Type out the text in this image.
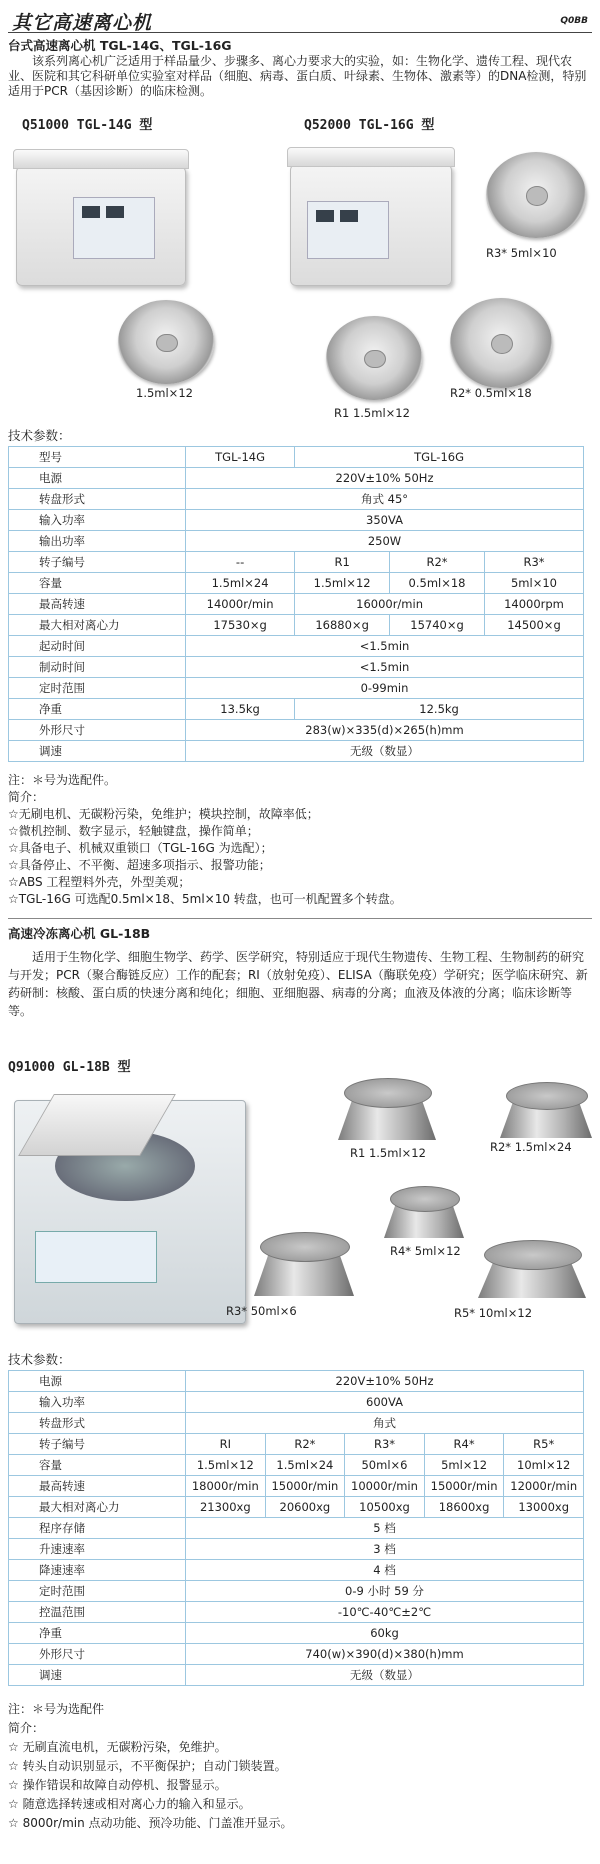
其它高速离心机	Q0BB
台式高速离心机 TGL-14G、TGL-16G

该系列离心机广泛适用于样品量少、步骤多、离心力要求大的实验，如：生物化学、遗传工程、现代农业、医院和其它科研单位实验室对样品（细胞、病毒、蛋白质、叶绿素、生物体、激素等）的DNA检测，特别适用于PCR（基因诊断）的临床检测。

Q51000 TGL-14G 型	Q52000 TGL-16G 型
1.5ml×12
R3* 5ml×10
R2* 0.5ml×18
R1 1.5ml×12
技术参数：
型号	TGL-14G	TGL-16G		
电源	220V±10% 50Hz			
转盘形式	角式 45°			
输入功率	350VA			
输出功率	250W			
转子编号	--	R1	R2*	R3*
容量	1.5ml×24	1.5ml×12	0.5ml×18	5ml×10
最高转速	14000r/min	16000r/min		14000rpm
最大相对离心力	17530×g	16880×g	15740×g	14500×g
起动时间	<1.5min			
制动时间	<1.5min			
定时范围	0-99min			
净重	13.5kg	12.5kg		
外形尺寸	283(w)×335(d)×265(h)mm			
调速	无级（数显）			

注：＊号为选配件。

简介：

☆无刷电机、无碳粉污染，免维护；模块控制，故障率低；

☆微机控制、数字显示，轻触键盘，操作简单；

☆具备电子、机械双重锁口（TGL-16G 为选配）；

☆具备停止、不平衡、超速多项指示、报警功能；

☆ABS 工程塑料外壳，外型美观；

☆TGL-16G 可选配0.5ml×18、5ml×10 转盘，也可一机配置多个转盘。

高速冷冻离心机 GL-18B

适用于生物化学、细胞生物学、药学、医学研究，特别适应于现代生物遗传、生物工程、生物制药的研究与开发；PCR（聚合酶链反应）工作的配套；RI（放射免疫）、ELISA（酶联免疫）学研究；医学临床研究、新药研制：核酸、蛋白质的快速分离和纯化；细胞、亚细胞器、病毒的分离；血液及体液的分离；临床诊断等等。

Q91000 GL-18B 型
R1 1.5ml×12	R2* 1.5ml×24
R4* 5ml×12
R3* 50ml×6	R5* 10ml×12
技术参数：
电源	220V±10% 50Hz				
输入功率	600VA				
转盘形式	角式				
转子编号	RI	R2*	R3*	R4*	R5*
容量	1.5ml×12	1.5ml×24	50ml×6	5ml×12	10ml×12
最高转速	18000r/min	15000r/min	10000r/min	15000r/min	12000r/min
最大相对离心力	21300xg	20600xg	10500xg	18600xg	13000xg
程序存储	5 档				
升速速率	3 档				
降速速率	4 档				
定时范围	0-9 小时 59 分				
控温范围	-10℃-40℃±2℃				
净重	60kg				
外形尺寸	740(w)×390(d)×380(h)mm				
调速	无级（数显）				

注：＊号为选配件

简介：

☆ 无刷直流电机，无碳粉污染，免维护。

☆ 转头自动识别显示，不平衡保护；自动门锁装置。

☆ 操作错误和故障自动停机、报警显示。

☆ 随意选择转速或相对离心力的输入和显示。

☆ 8000r/min 点动功能、预冷功能、门盖准开显示。
